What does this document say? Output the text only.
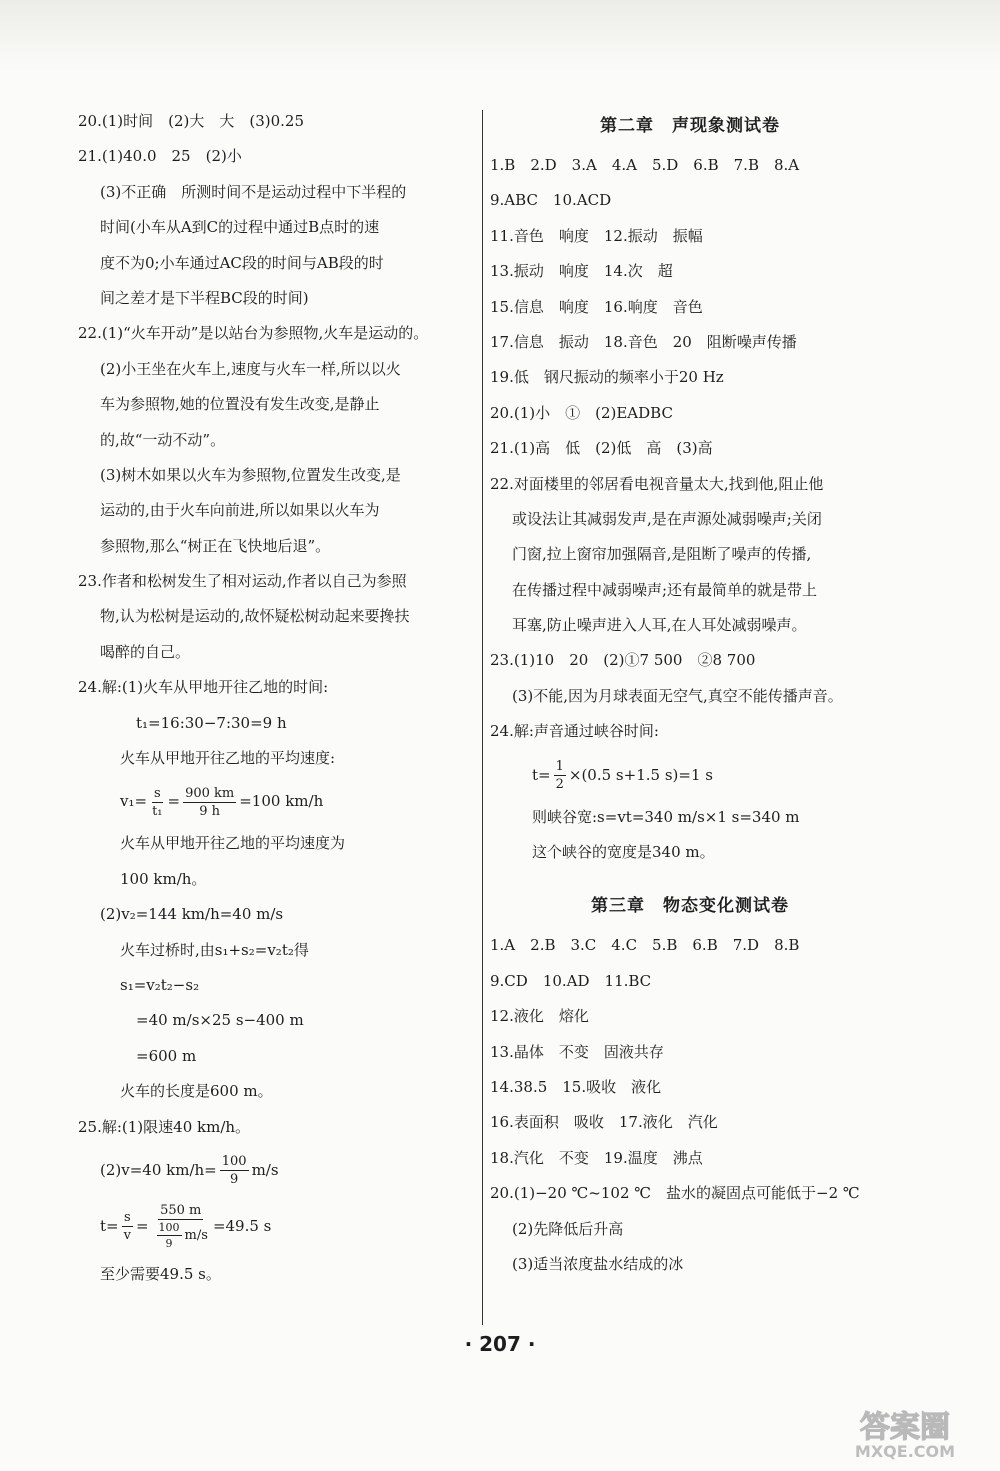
20.(1)时间　(2)大　大　(3)0.25
21.(1)40.0　25　(2)小
(3)不正确　所测时间不是运动过程中下半程的
时间(小车从A到C的过程中通过B点时的速
度不为0;小车通过AC段的时间与AB段的时
间之差才是下半程BC段的时间)
22.(1)“火车开动”是以站台为参照物,火车是运动的。
(2)小王坐在火车上,速度与火车一样,所以以火
车为参照物,她的位置没有发生改变,是静止
的,故“一动不动”。
(3)树木如果以火车为参照物,位置发生改变,是
运动的,由于火车向前进,所以如果以火车为
参照物,那么“树正在飞快地后退”。
23.作者和松树发生了相对运动,作者以自己为参照
物,认为松树是运动的,故怀疑松树动起来要搀扶
喝醉的自己。
24.解:(1)火车从甲地开往乙地的时间:
t₁=16:30−7:30=9 h
火车从甲地开往乙地的平均速度:
$v_1= \frac{s}{\text{t₁}} = \frac{900 km}{9 h} =100$ km/h
火车从甲地开往乙地的平均速度为
100 km/h。
(2)v₂=144 km/h=40 m/s
火车过桥时,由s₁+s₂=v₂t₂得
s₁=v₂t₂−s₂
=40 m/s×25 s−400 m
=600 m
火车的长度是600 m。
25.解:(1)限速40 km/h。
(2)v=40 $km/h= \frac{100}{9} m/s$
$t= \frac{s}{v} = \frac{550 m}{\frac{100}{9} m/s} =49.5$ s
至少需要49.5 s。
第二章　声现象测试卷
1.B　2.D　3.A　4.A　5.D　6.B　7.B　8.A
9.ABC　10.ACD
11.音色　响度　12.振动　振幅
13.振动　响度　14.次　超
15.信息　响度　16.响度　音色
17.信息　振动　18.音色　20　阻断噪声传播
19.低　钢尺振动的频率小于20 Hz
20.(1)小　①　(2)EADBC
21.(1)高　低　(2)低　高　(3)高
22.对面楼里的邻居看电视音量太大,找到他,阻止他
或设法让其减弱发声,是在声源处减弱噪声;关闭
门窗,拉上窗帘加强隔音,是阻断了噪声的传播,
在传播过程中减弱噪声;还有最简单的就是带上
耳塞,防止噪声进入人耳,在人耳处减弱噪声。
23.(1)10　20　(2)①7 500　②8 700
(3)不能,因为月球表面无空气,真空不能传播声音。
24.解:声音通过峡谷时间:
$t= \frac{1}{2} \times(0.5$ s+1.5 s)=1 s
则峡谷宽:s=vt=340 m/s×1 s=340 m
这个峡谷的宽度是340 m。
第三章　物态变化测试卷
1.A　2.B　3.C　4.C　5.B　6.B　7.D　8.B
9.CD　10.AD　11.BC
12.液化　熔化
13.晶体　不变　固液共存
14.38.5　15.吸收　液化
16.表面积　吸收　17.液化　汽化
18.汽化　不变　19.温度　沸点
20.(1)−20 ℃~102 ℃　盐水的凝固点可能低于−2 ℃
(2)先降低后升高
(3)适当浓度盐水结成的冰
· 207 ·
答案圈
MXQE.COM
